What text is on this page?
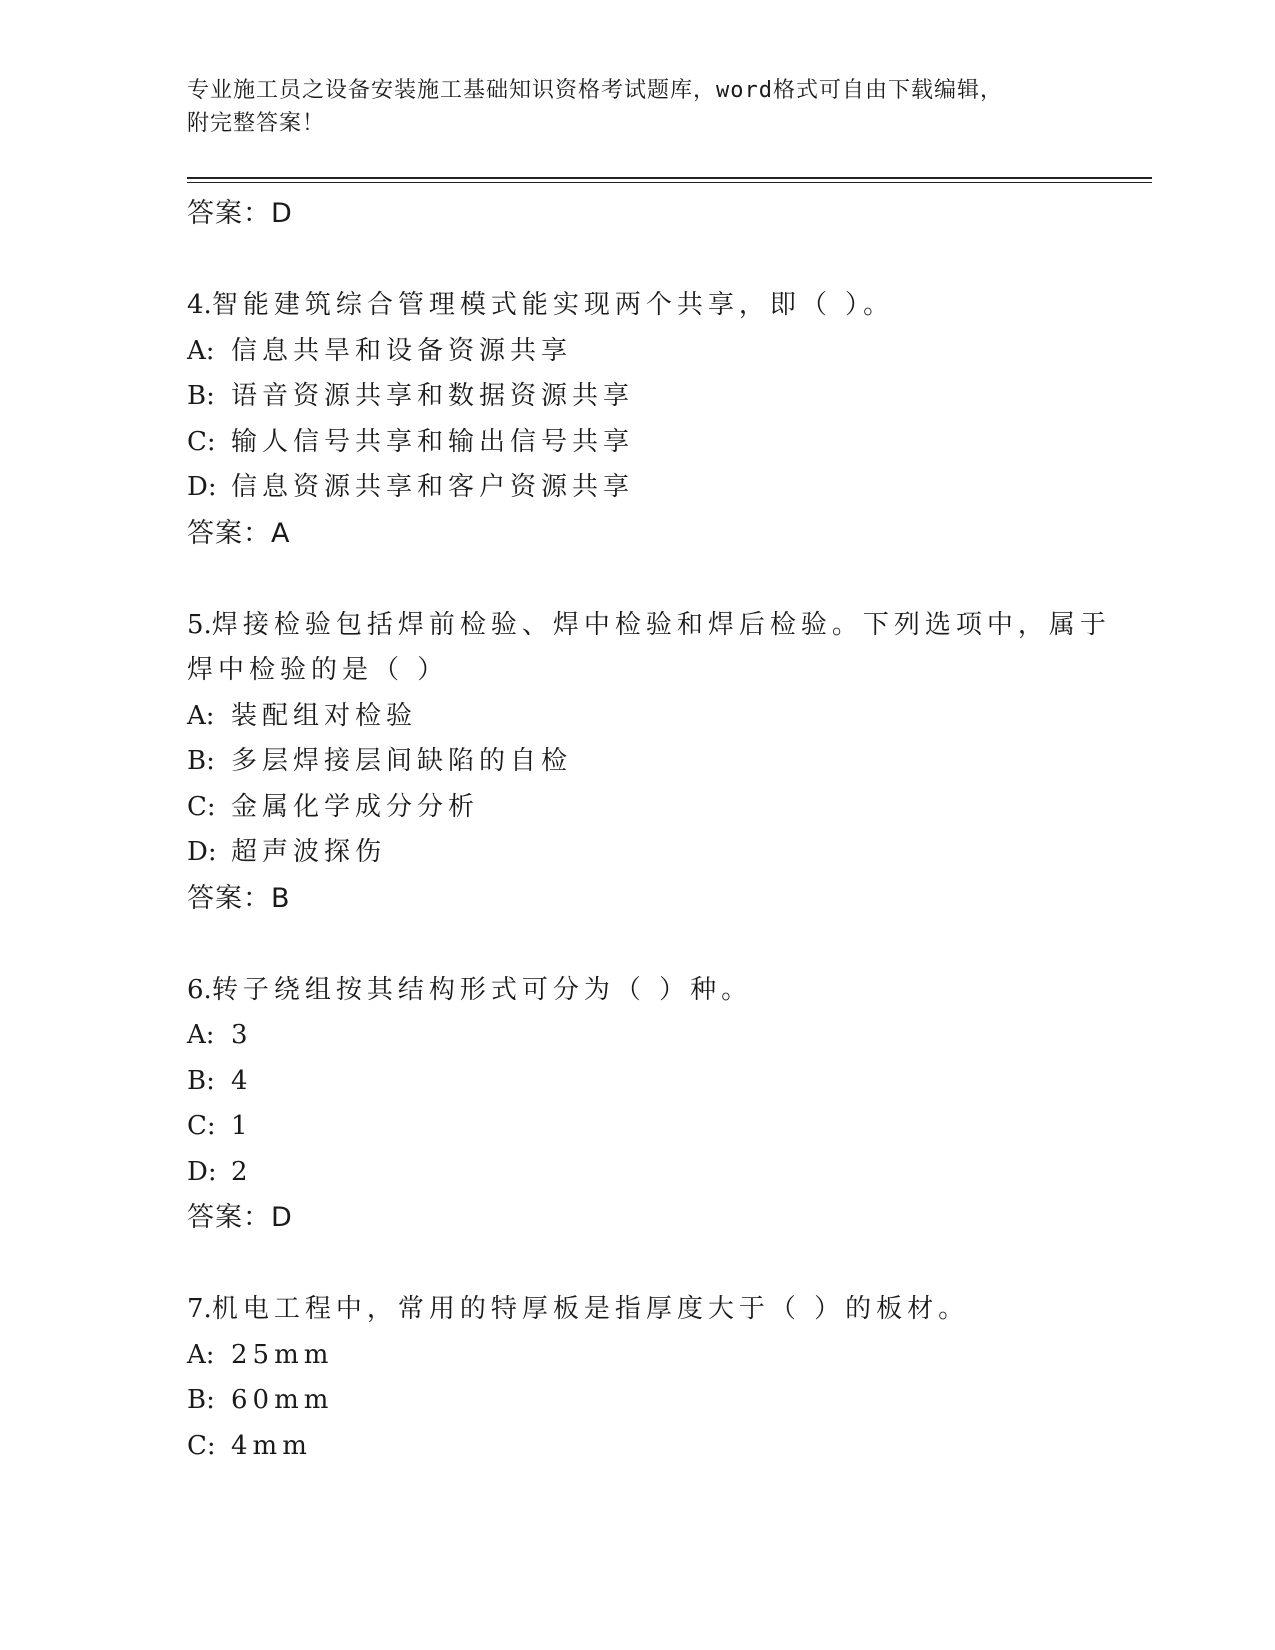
专业施工员之设备安装施工基础知识资格考试题库，word格式可自由下载编辑，
附完整答案！
答案：D
4.智能建筑综合管理模式能实现两个共享，即（ ）。
A: 信息共旱和设备资源共享
B: 语音资源共享和数据资源共享
C: 输人信号共享和输出信号共享
D: 信息资源共享和客户资源共享
答案：A
5.焊接检验包括焊前检验、焊中检验和焊后检验。下列选项中，属于
焊中检验的是（ ）
A: 装配组对检验
B: 多层焊接层间缺陷的自检
C: 金属化学成分分析
D: 超声波探伤
答案：B
6.转子绕组按其结构形式可分为（ ）种。
A: 3
B: 4
C: 1
D: 2
答案：D
7.机电工程中，常用的特厚板是指厚度大于（ ）的板材。
A: 25mm
B: 60mm
C: 4mm
